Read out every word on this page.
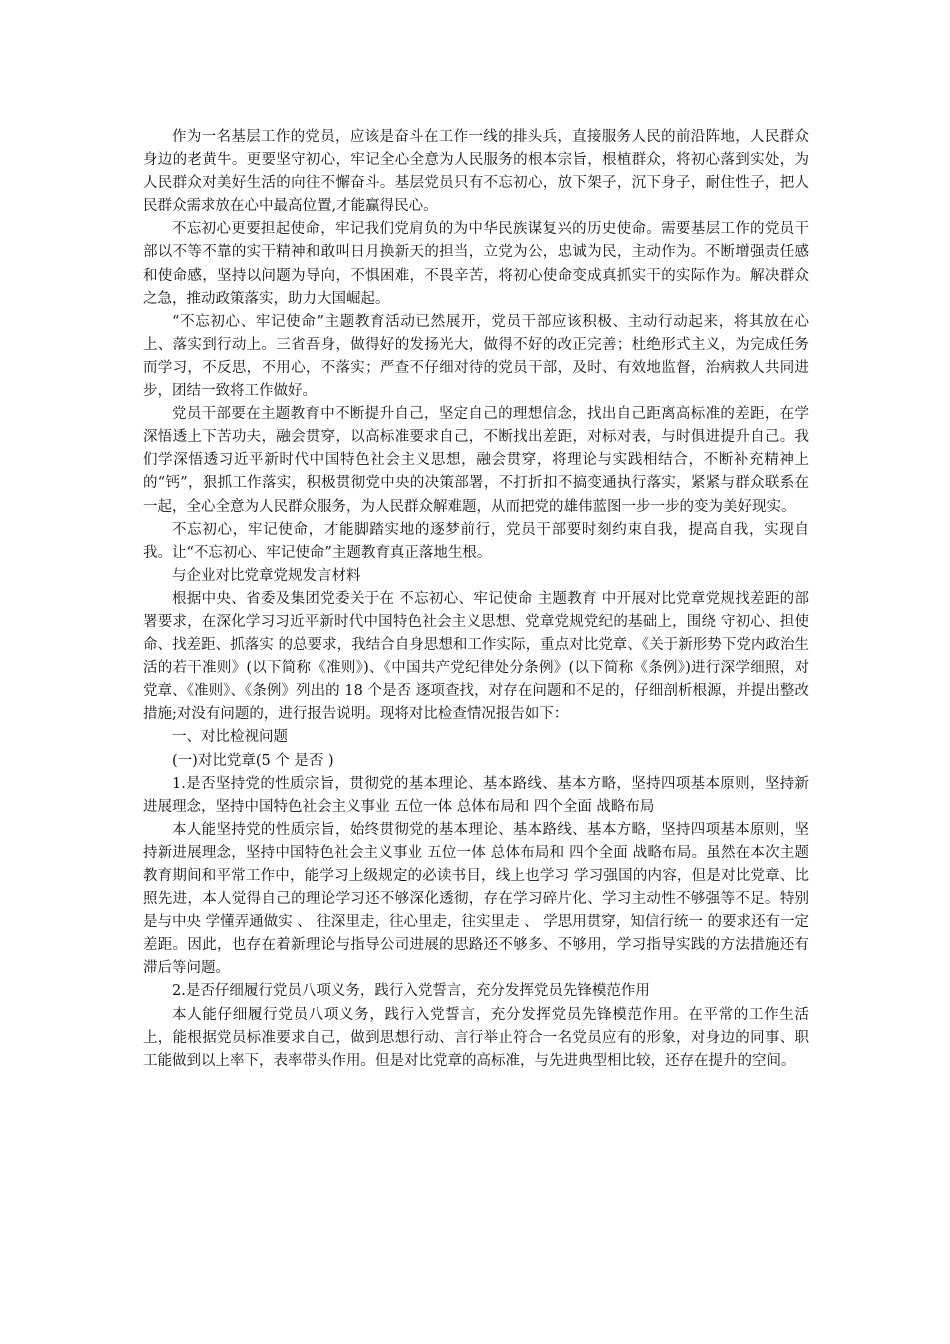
作为一名基层工作的党员，应该是奋斗在工作一线的排头兵，直接服务人民的前沿阵地，人民群众身边的老黄牛。更要坚守初心，牢记全心全意为人民服务的根本宗旨，根植群众，将初心落到实处，为人民群众对美好生活的向往不懈奋斗。基层党员只有不忘初心，放下架子，沉下身子，耐住性子，把人民群众需求放在心中最高位置,才能赢得民心。

不忘初心更要担起使命，牢记我们党肩负的为中华民族谋复兴的历史使命。需要基层工作的党员干部以不等不靠的实干精神和敢叫日月换新天的担当，立党为公，忠诚为民，主动作为。不断增强责任感和使命感，坚持以问题为导向，不惧困难，不畏辛苦，将初心使命变成真抓实干的实际作为。解决群众之急，推动政策落实，助力大国崛起。

“不忘初心、牢记使命”主题教育活动已然展开，党员干部应该积极、主动行动起来，将其放在心上、落实到行动上。三省吾身，做得好的发扬光大，做得不好的改正完善；杜绝形式主义，为完成任务而学习，不反思，不用心，不落实；严查不仔细对待的党员干部，及时、有效地监督，治病救人共同进步，团结一致将工作做好。

党员干部要在主题教育中不断提升自己，坚定自己的理想信念，找出自己距离高标准的差距，在学深悟透上下苦功夫，融会贯穿，以高标准要求自己，不断找出差距，对标对表，与时俱进提升自己。我们学深悟透习近平新时代中国特色社会主义思想，融会贯穿，将理论与实践相结合，不断补充精神上的“钙”，狠抓工作落实，积极贯彻党中央的决策部署，不打折扣不搞变通执行落实，紧紧与群众联系在一起，全心全意为人民群众服务，为人民群众解难题，从而把党的雄伟蓝图一步一步的变为美好现实。

不忘初心，牢记使命，才能脚踏实地的逐梦前行，党员干部要时刻约束自我，提高自我，实现自我。让“不忘初心、牢记使命”主题教育真正落地生根。

与企业对比党章党规发言材料

根据中央、省委及集团党委关于在 不忘初心、牢记使命 主题教育 中开展对比党章党规找差距的部署要求，在深化学习习近平新时代中国特色社会主义思想、党章党规党纪的基础上，围绕 守初心、担使命、找差距、抓落实 的总要求，我结合自身思想和工作实际，重点对比党章、《关于新形势下党内政治生活的若干准则》(以下简称《准则》)、《中国共产党纪律处分条例》(以下简称《条例》)进行深学细照，对党章、《准则》、《条例》列出的 18 个是否 逐项查找，对存在问题和不足的，仔细剖析根源，并提出整改措施;对没有问题的，进行报告说明。现将对比检查情况报告如下：

一、对比检视问题

(一)对比党章(5 个 是否 )

1.是否坚持党的性质宗旨，贯彻党的基本理论、基本路线、基本方略，坚持四项基本原则，坚持新进展理念，坚持中国特色社会主义事业 五位一体 总体布局和 四个全面 战略布局

本人能坚持党的性质宗旨，始终贯彻党的基本理论、基本路线、基本方略，坚持四项基本原则，坚持新进展理念，坚持中国特色社会主义事业 五位一体 总体布局和 四个全面 战略布局。虽然在本次主题教育期间和平常工作中，能学习上级规定的必读书目，线上也学习 学习强国的内容，但是对比党章、比照先进，本人觉得自己的理论学习还不够深化透彻，存在学习碎片化、学习主动性不够强等不足。特别是与中央 学懂弄通做实 、 往深里走，往心里走，往实里走 、 学思用贯穿，知信行统一 的要求还有一定差距。因此，也存在着新理论与指导公司进展的思路还不够多、不够用，学习指导实践的方法措施还有滞后等问题。

2.是否仔细履行党员八项义务，践行入党誓言，充分发挥党员先锋模范作用

本人能仔细履行党员八项义务，践行入党誓言，充分发挥党员先锋模范作用。在平常的工作生活上，能根据党员标准要求自己，做到思想行动、言行举止符合一名党员应有的形象，对身边的同事、职工能做到以上率下，表率带头作用。但是对比党章的高标准，与先进典型相比较，还存在提升的空间。
